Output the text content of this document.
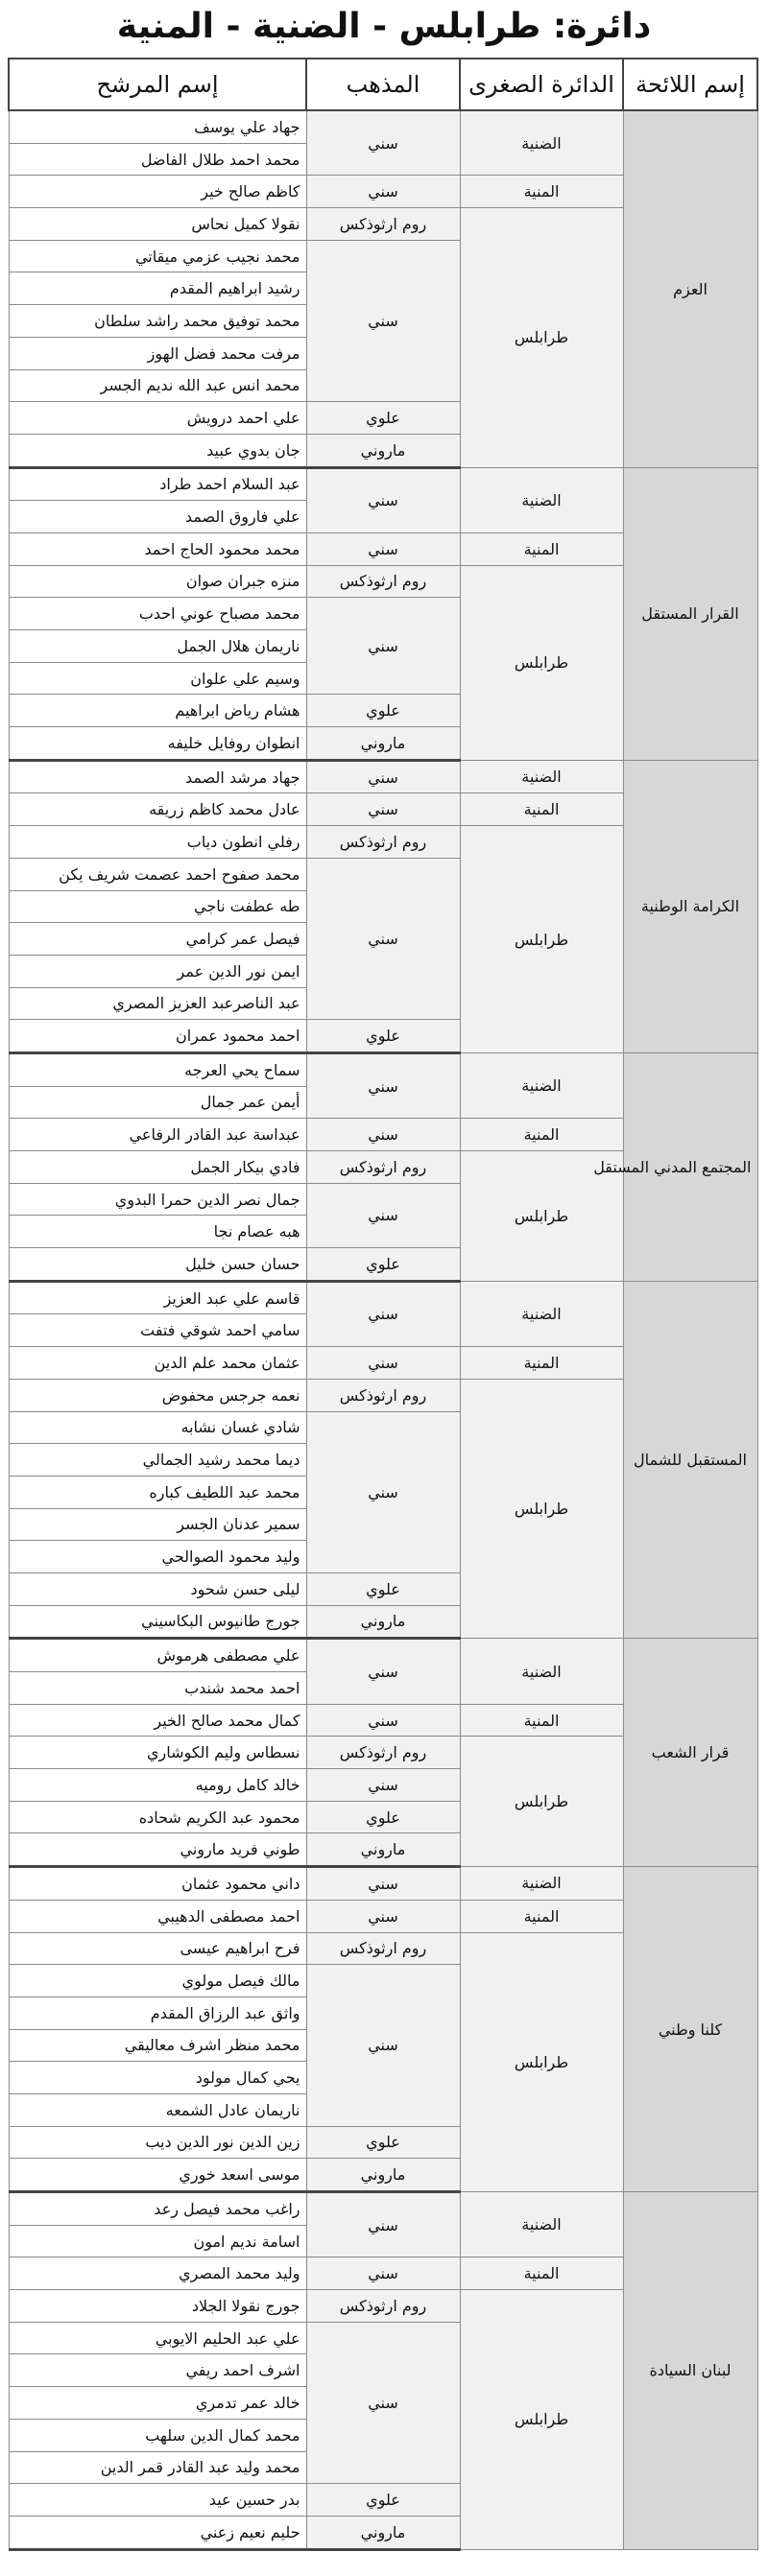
دائرة: طرابلس - الضنية - المنية
إسم اللائحة	الدائرة الصغرى	المذهب	إسم المرشح
العزم	الضنية	سني	جهاد علي يوسف
			محمد احمد طلال الفاضل
	المنية	سني	كاظم صالح خير
	طرابلس	روم ارثوذكس	نقولا كميل نحاس
		سني	محمد نجيب عزمي ميقاتي
			رشيد ابراهيم المقدم
			محمد توفيق محمد راشد سلطان
			مرفت محمد فضل الهوز
			محمد انس عبد الله نديم الجسر
		علوي	علي احمد درويش
		ماروني	جان بدوي عبيد
القرار المستقل	الضنية	سني	عبد السلام احمد طراد
			علي فاروق الصمد
	المنية	سني	محمد محمود الحاج احمد
	طرابلس	روم ارثوذكس	منزه جبران صوان
		سني	محمد مصباح عوني احدب
			ناريمان هلال الجمل
			وسيم علي علوان
		علوي	هشام رياض ابراهيم
		ماروني	انطوان روفايل خليفه
الكرامة الوطنية	الضنية	سني	جهاد مرشد الصمد
	المنية	سني	عادل محمد كاظم زريقه
	طرابلس	روم ارثوذكس	رفلي انطون دياب
		سني	محمد صفوح احمد عصمت شريف يكن
			طه عطفت ناجي
			فيصل عمر كرامي
			ايمن نور الدين عمر
			عبد الناصرعبد العزيز المصري
		علوي	احمد محمود عمران
المجتمع المدني المستقل	الضنية	سني	سماح يحي العرجه
			أيمن عمر جمال
	المنية	سني	عبداسة عبد القادر الرفاعي
	طرابلس	روم ارثوذكس	فادي بيكار الجمل
		سني	جمال نصر الدين حمرا البدوي
			هبه عصام نجا
		علوي	حسان حسن خليل
المستقبل للشمال	الضنية	سني	قاسم علي عبد العزيز
			سامي احمد شوقي فتفت
	المنية	سني	عثمان محمد علم الدين
	طرابلس	روم ارثوذكس	نعمه جرجس محفوض
		سني	شادي غسان نشابه
			ديما محمد رشيد الجمالي
			محمد عبد اللطيف كباره
			سمير عدنان الجسر
			وليد محمود الصوالحي
		علوي	ليلى حسن شحود
		ماروني	جورج طانيوس البكاسيني
قرار الشعب	الضنية	سني	علي مصطفى هرموش
			احمد محمد شندب
	المنية	سني	كمال محمد صالح الخير
	طرابلس	روم ارثوذكس	نسطاس وليم الكوشاري
		سني	خالد كامل روميه
		علوي	محمود عبد الكريم شحاده
		ماروني	طوني فريد ماروني
كلنا وطني	الضنية	سني	داني محمود عثمان
	المنية	سني	احمد مصطفى الدهيبي
	طرابلس	روم ارثوذكس	فرح ابراهيم عيسى
		سني	مالك فيصل مولوي
			واثق عبد الرزاق المقدم
			محمد منظر اشرف معاليقي
			يحي كمال مولود
			ناريمان عادل الشمعه
		علوي	زين الدين نور الدين ديب
		ماروني	موسى اسعد خوري
لبنان السيادة	الضنية	سني	راغب محمد فيصل رعد
			اسامة نديم امون
	المنية	سني	وليد محمد المصري
	طرابلس	روم ارثوذكس	جورج نقولا الجلاد
		سني	علي عبد الحليم الايوبي
			اشرف احمد ريفي
			خالد عمر تدمري
			محمد كمال الدين سلهب
			محمد وليد عبد القادر قمر الدين
		علوي	بدر حسين عيد
		ماروني	حليم نعيم زعني
